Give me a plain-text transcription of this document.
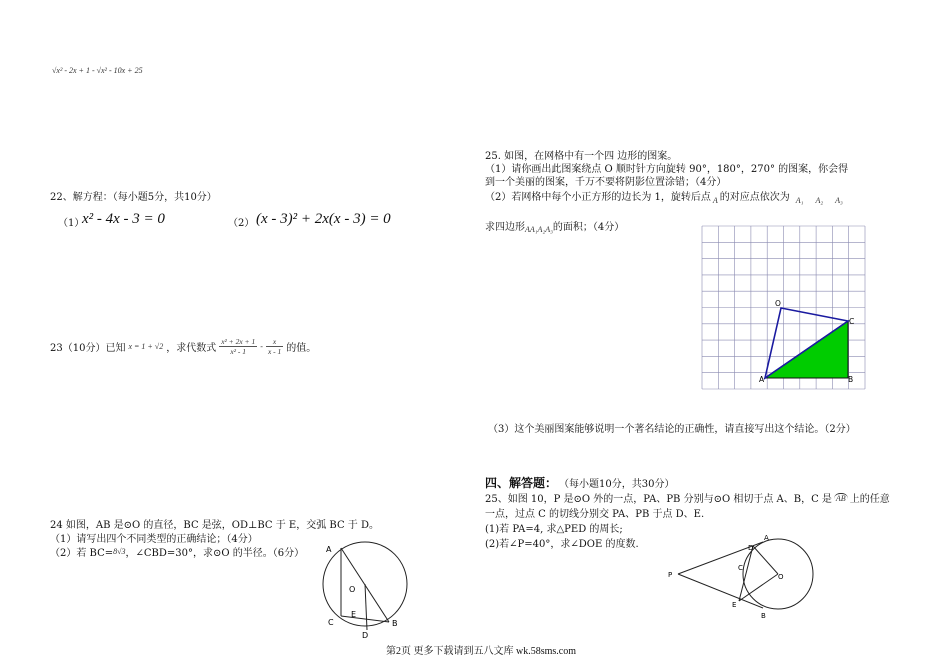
√x² - 2x + 1 - √x² - 10x + 25
22、解方程：（每小题5分，共10分）
（1）
x² - 4x - 3 = 0	（2） (x - 3)² + 2x(x - 3) = 0
23（10分）已知 x = 1 + √2 ，求代数式 $\frac{\text{x² + 2x + 1}}{\text{x² - 1}} - \frac{x}{x - 1}$ 的值。
24 如图，AB 是⊙O 的直径，BC 是弦，OD⊥BC 于 E，交弧 BC 于 D。
（1）请写出四个不同类型的正确结论；（4分）
（2）若 BC= 8√3 ，∠CBD=30°，求⊙O 的半径。（6分）	A
O
E
C
D
B
25. 如图，在网格中有一个四 边形的图案。
（1）请你画出此图案绕点 O 顺时针方向旋转 90°，180°，270° 的图案，你会得
到一个美丽的图案，千万不要将阴影位置涂错；（4分）
（2）若网格中每个小正方形的边长为 1，旋转后点 A 的对应点依次为 A₁ A₂ A₃
求四边形 AA₁A₂A₃ 的面积；（4分）
O
C
A	B
（3）这个美丽图案能够说明一个著名结论的正确性，请直接写出这个结论。（2分）
四、解答题： （每小题10分，共30分）
25、如图 10，P 是⊙O 外的一点，PA、PB 分别与⊙O 相切于点 A、B，C 是 AB 上的任意
一点，过点 C 的切线分别交 PA、PB 于点 D、E.
(1)若 PA=4, 求△PED 的周长;
(2)若∠P=40°，求∠DOE 的度数.
P
D
A
C
O
E
B
第2页 更多下载请到五八文库 wk.58sms.com
